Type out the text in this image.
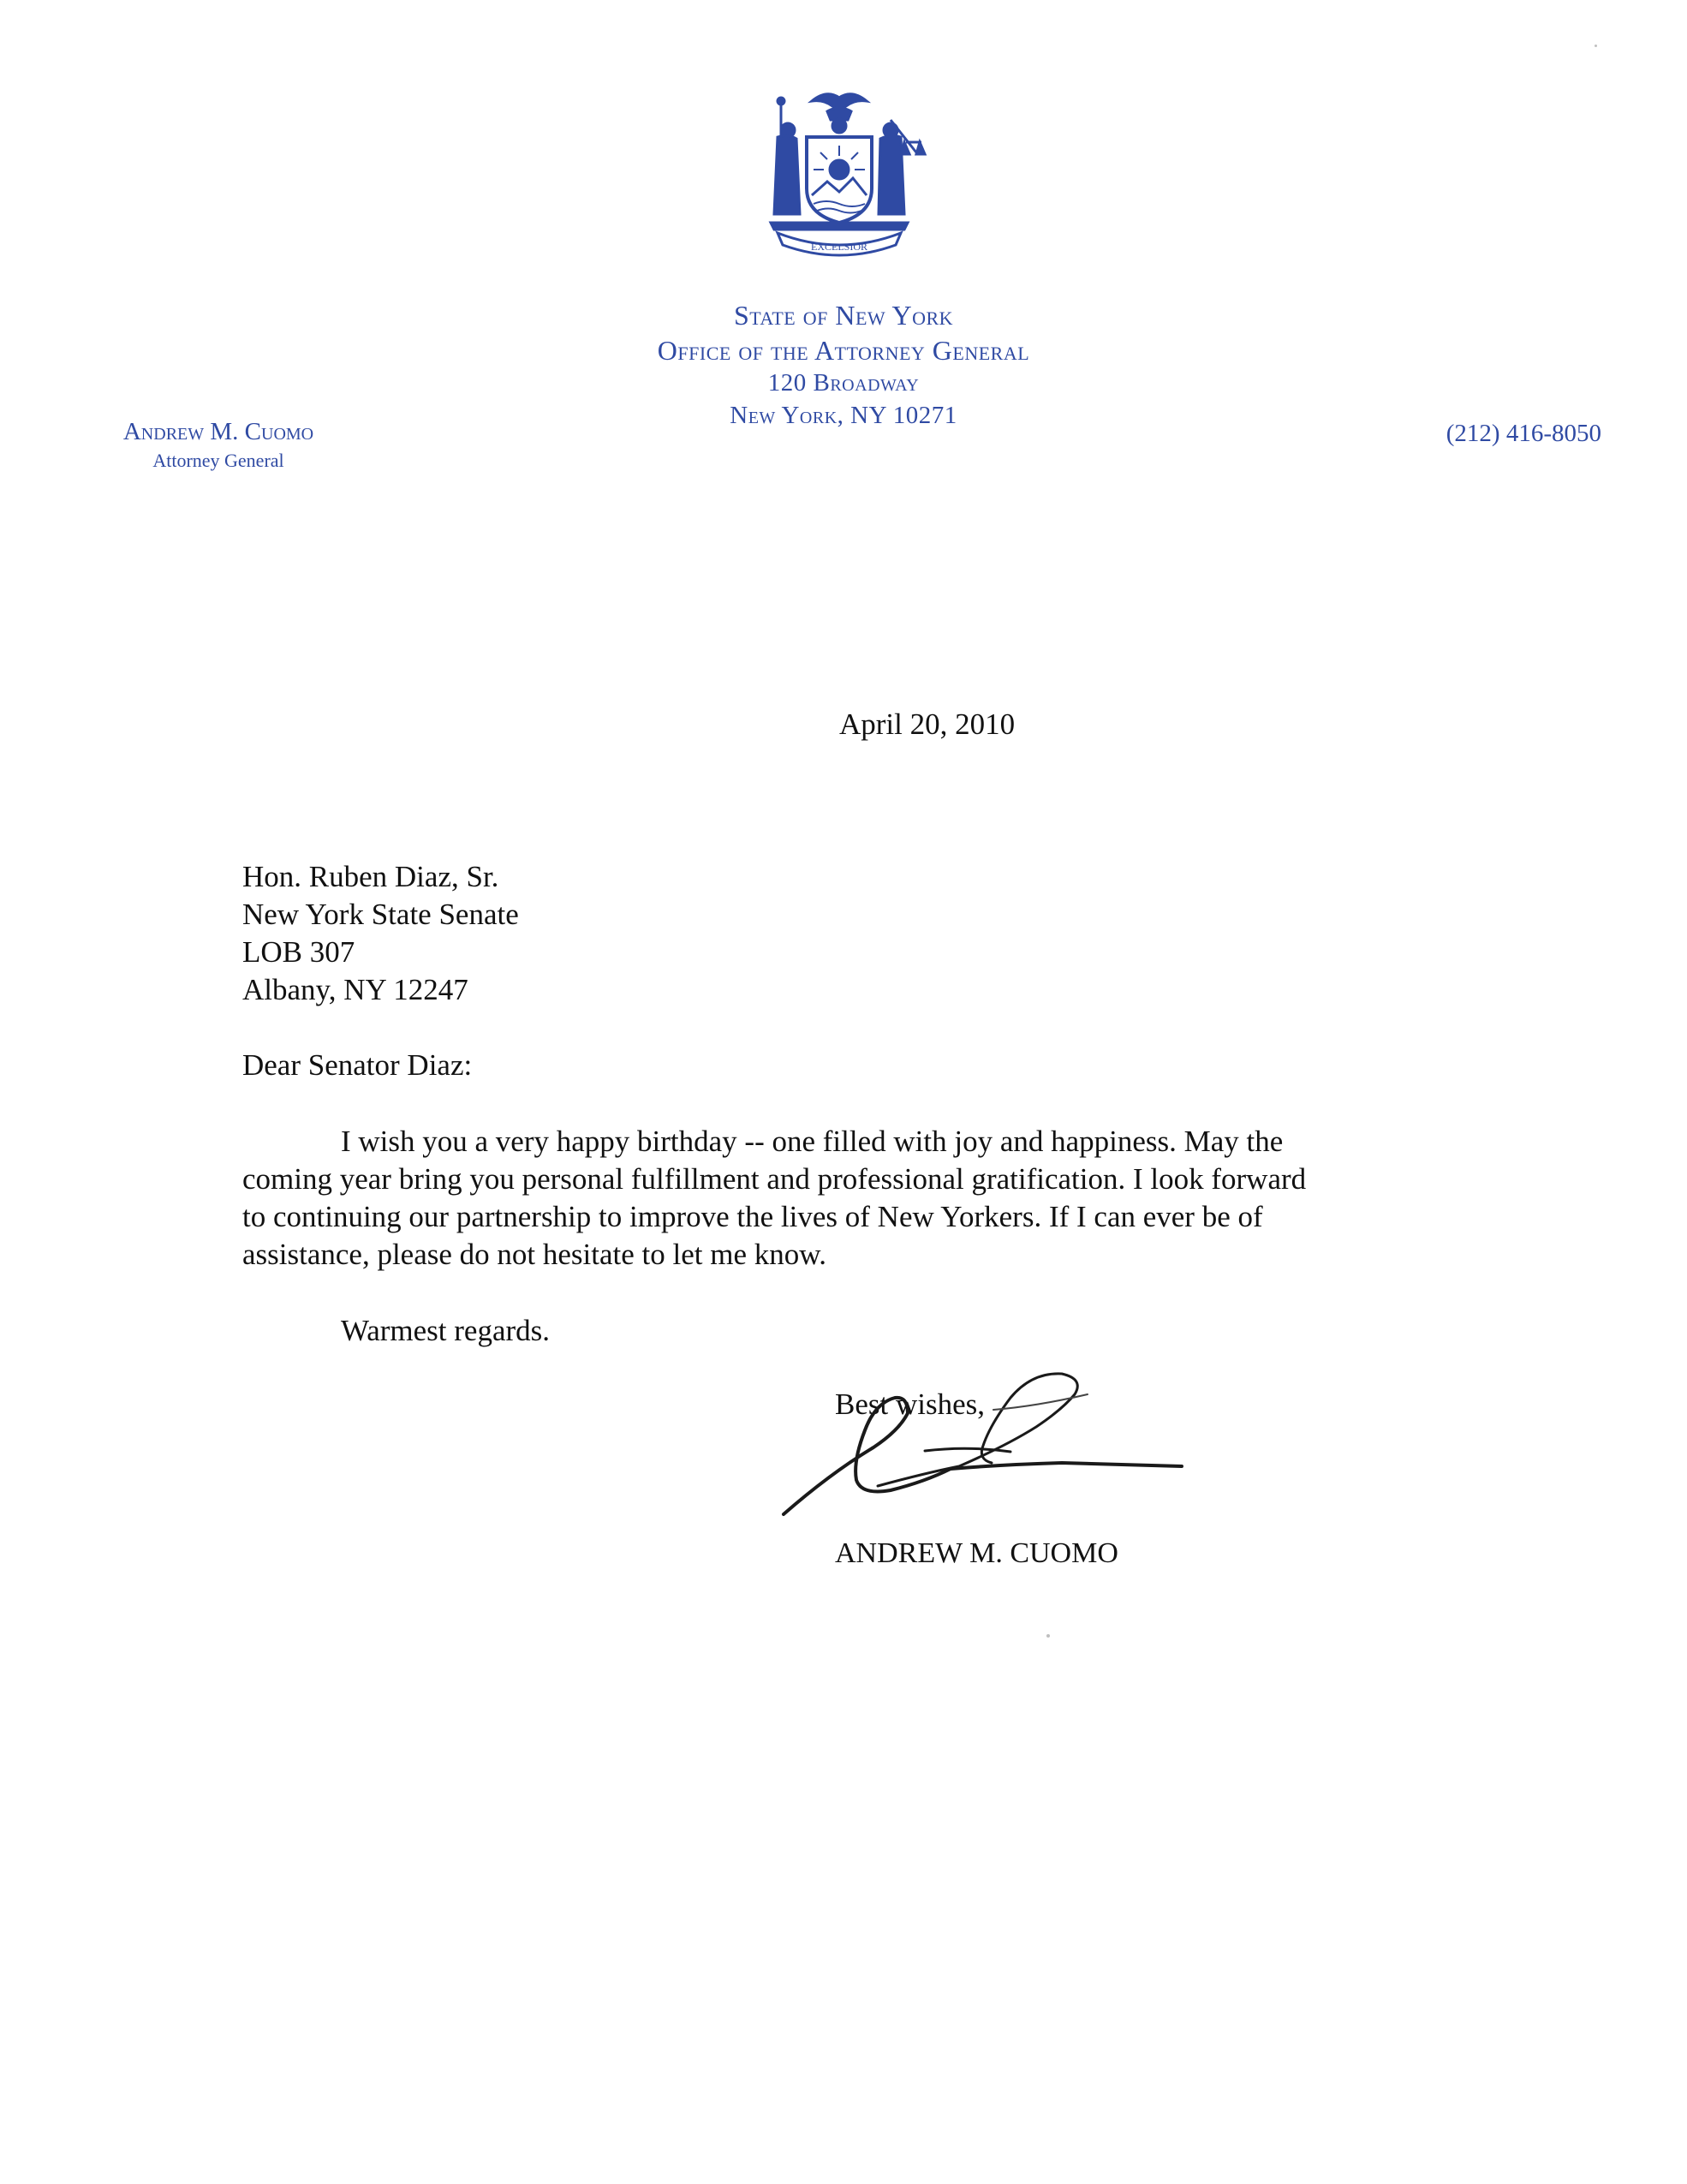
EXCELSIOR
State of New York
Office of the Attorney General
120 Broadway
New York, NY 10271
Andrew M. Cuomo
Attorney General
(212) 416-8050
April 20, 2010
Hon. Ruben Diaz, Sr.
New York State Senate
LOB 307
Albany, NY 12247
Dear Senator Diaz:
I wish you a very happy birthday -- one filled with joy and happiness. May the
coming year bring you personal fulfillment and professional gratification. I look forward
to continuing our partnership to improve the lives of New Yorkers. If I can ever be of
assistance, please do not hesitate to let me know.
Warmest regards.
Best wishes,
ANDREW M. CUOMO
